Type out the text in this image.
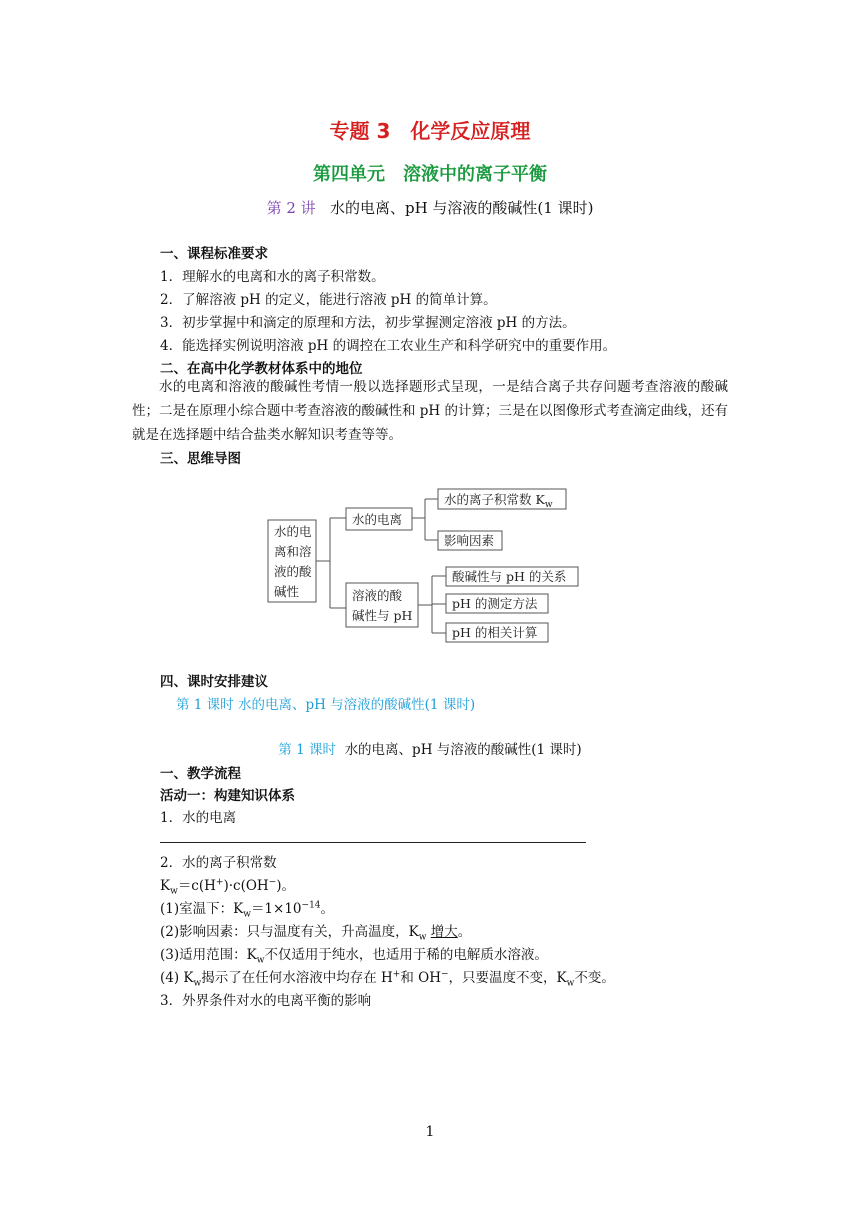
专题 3　化学反应原理
第四单元　溶液中的离子平衡
第 2 讲 水的电离、pH 与溶液的酸碱性(1 课时)
一、课程标准要求
1．理解水的电离和水的离子积常数。
2．了解溶液 pH 的定义，能进行溶液 pH 的简单计算。
3．初步掌握中和滴定的原理和方法，初步掌握测定溶液 pH 的方法。
4．能选择实例说明溶液 pH 的调控在工农业生产和科学研究中的重要作用。
二、在高中化学教材体系中的地位
水的电离和溶液的酸碱性考情一般以选择题形式呈现，一是结合离子共存问题考查溶液的酸碱性；二是在原理小综合题中考查溶液的酸碱性和 pH 的计算；三是在以图像形式考查滴定曲线，还有就是在选择题中结合盐类水解知识考查等等。
三、思维导图
水的电
离和溶
液的酸
碱性
水的电离
水的离子积常数 $K_w$
影响因素
溶液的酸
碱性与 pH
酸碱性与 pH 的关系
pH 的测定方法
pH 的相关计算
四、课时安排建议
第 1 课时 水的电离、pH 与溶液的酸碱性(1 课时)
第 1 课时 水的电离、pH 与溶液的酸碱性(1 课时)
一、教学流程
活动一：构建知识体系
1．水的电离
2．水的离子积常数
$K_w=c(H^+)\cdot c(OH^-)$。
(1)室温下：$K_w=1\times 10^{-14}$。
(2)影响因素：只与温度有关，升高温度，$K_w$ 增大。
(3)适用范围：$K_w$不仅适用于纯水，也适用于稀的电解质水溶液。
(4) $K_w$揭示了在任何水溶液中均存在 H+和 OH−，只要温度不变，$K_w$不变。
3．外界条件对水的电离平衡的影响
1
